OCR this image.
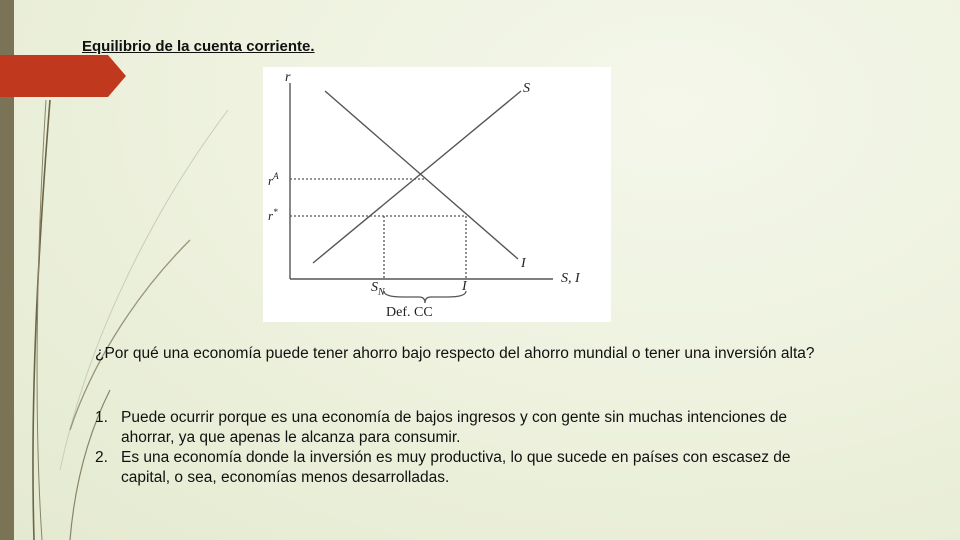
Equilibrio de la cuenta corriente.
r
S
I
S, I
$r^A$
r*
$S_N$	I
Def. CC
¿Por qué una economía puede tener ahorro bajo respecto del ahorro mundial o tener una inversión alta?
1. Puede ocurrir porque es una economía de bajos ingresos y con gente sin muchas intenciones de ahorrar, ya que apenas le alcanza para consumir.
2. Es una economía donde la inversión es muy productiva, lo que sucede en países con escasez de capital, o sea, economías menos desarrolladas.
